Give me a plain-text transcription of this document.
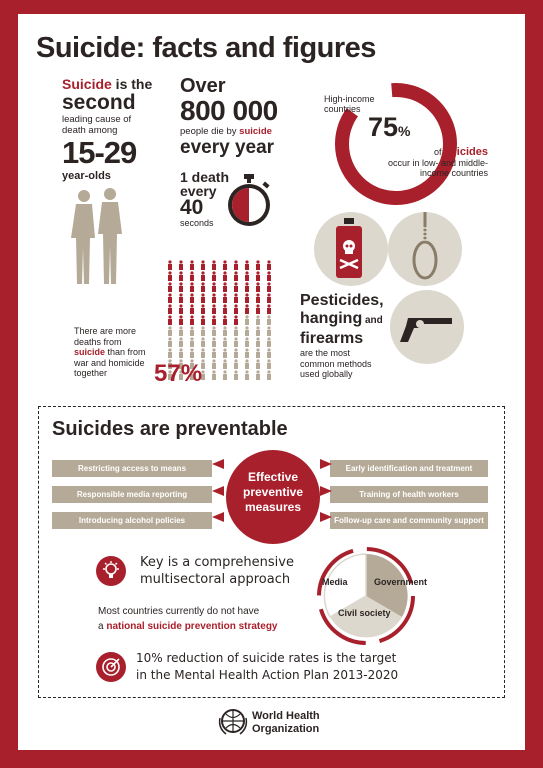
Suicide: facts and figures
Suicide is the
second
leading cause of
death among
15-29
year-olds
Over
800 000
people die by suicide
every year
1 death
every
40
seconds
High-income
countries
75%
of suicides
occur in low- and middle-
income countries
There are more
deaths from
suicide than from
war and homicide
together	57%
Pesticides,
hanging and
firearms
are the most
common methods
used globally
Suicides are preventable
Effective
preventive
measures
Restricting access to means
Responsible media reporting
Introducing alcohol policies
Early identification and treatment
Training of health workers
Follow-up care and community support
Key is a comprehensive
multisectoral approach
Most countries currently do not have
a national suicide prevention strategy
Media	Government
Civil society
10% reduction of suicide rates is the target
in the Mental Health Action Plan 2013-2020
World Health
Organization
